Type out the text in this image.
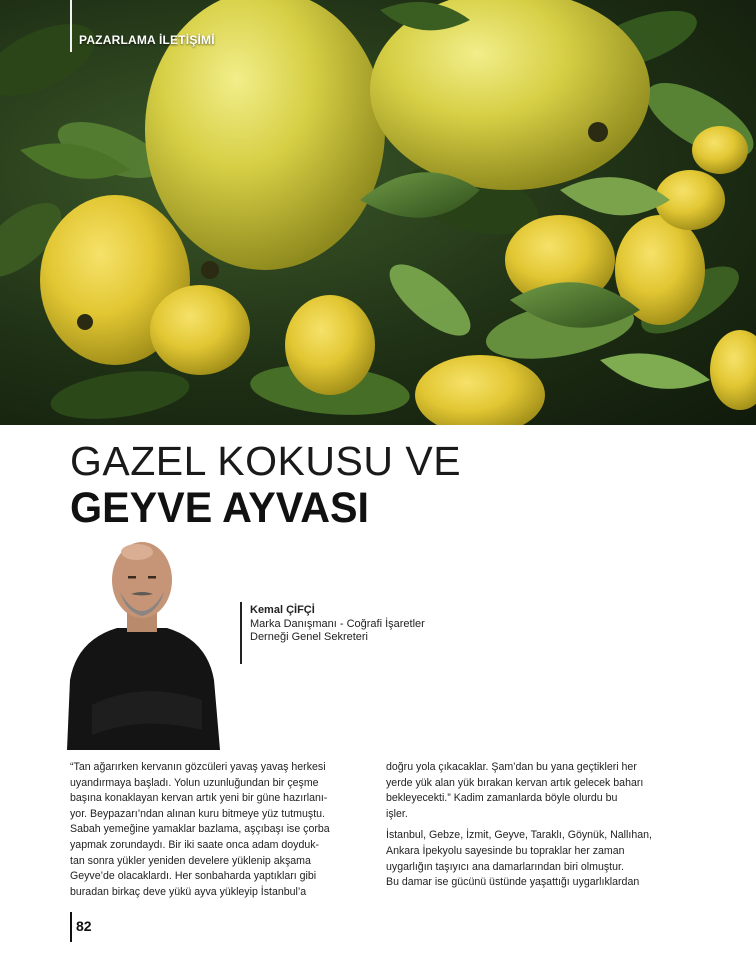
PAZARLAMA İLETİŞİMİ
GAZEL KOKUSU VE
GEYVE AYVASI
Kemal ÇİFÇİ
Marka Danışmanı - Coğrafi İşaretler
Derneği Genel Sekreteri

“Tan ağarırken kervanın gözcüleri yavaş yavaş herkesi
uyandırmaya başladı. Yolun uzunluğundan bir çeşme
başına konaklayan kervan artık yeni bir güne hazırlanı-
yor. Beypazarı’ndan alınan kuru bitmeye yüz tutmuştu.
Sabah yemeğine yamaklar bazlama, aşçıbaşı ise çorba
yapmak zorundaydı. Bir iki saate onca adam doyduk-
tan sonra yükler yeniden develere yüklenip akşama
Geyve’de olacaklardı. Her sonbaharda yaptıkları gibi
buradan birkaç deve yükü ayva yükleyip İstanbul’a

doğru yola çıkacaklar. Şam’dan bu yana geçtikleri her
yerde yük alan yük bırakan kervan artık gelecek baharı
bekleyecekti.” Kadim zamanlarda böyle olurdu bu
işler.

İstanbul, Gebze, İzmit, Geyve, Taraklı, Göynük, Nallıhan,
Ankara İpekyolu sayesinde bu topraklar her zaman
uygarlığın taşıyıcı ana damarlarından biri olmuştur.
Bu damar ise gücünü üstünde yaşattığı uygarlıklardan

82
